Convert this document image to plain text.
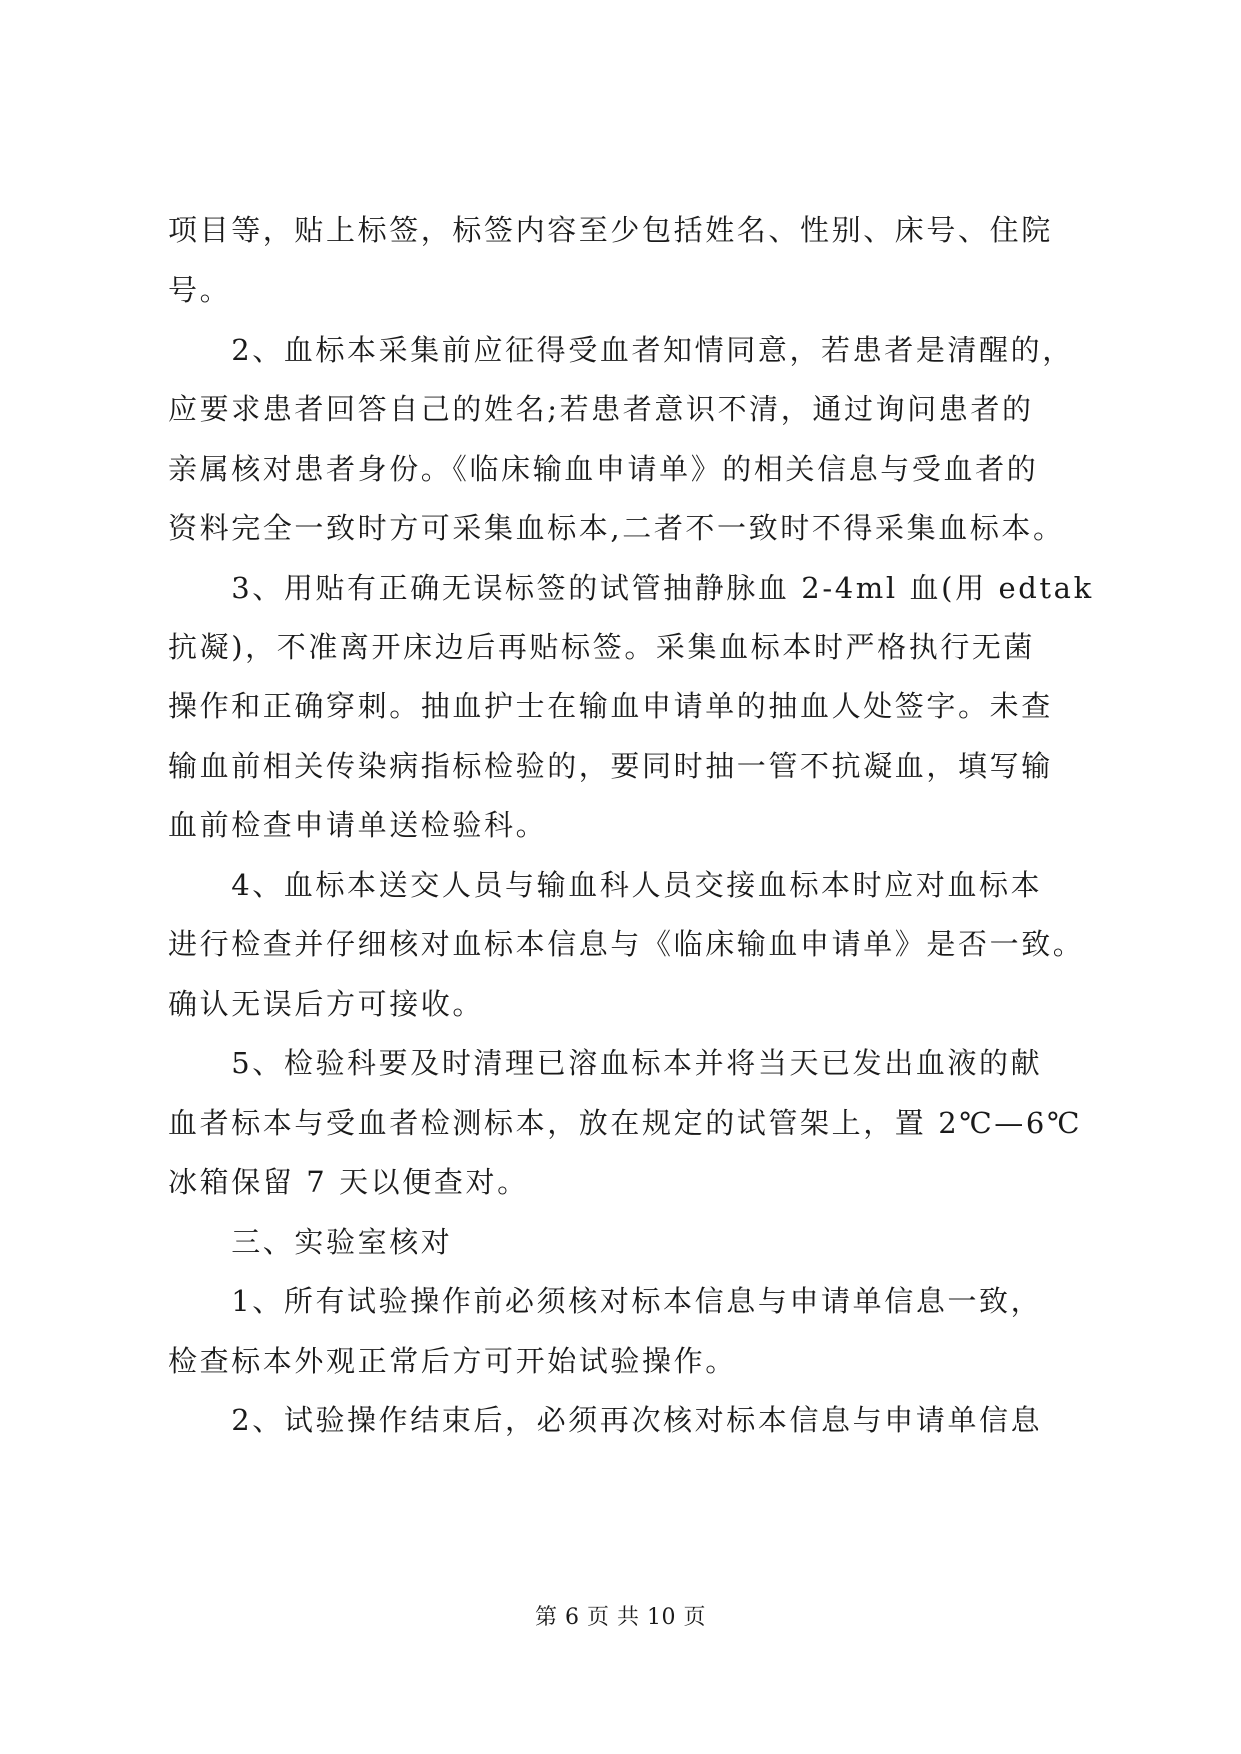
项目等，贴上标签，标签内容至少包括姓名、性别、床号、住院
号。
　　2、血标本采集前应征得受血者知情同意，若患者是清醒的，
应要求患者回答自己的姓名;若患者意识不清，通过询问患者的
亲属核对患者身份。《临床输血申请单》的相关信息与受血者的
资料完全一致时方可采集血标本,二者不一致时不得采集血标本。
　　3、用贴有正确无误标签的试管抽静脉血 2-4ml 血(用 edtak
抗凝)，不准离开床边后再贴标签。采集血标本时严格执行无菌
操作和正确穿刺。抽血护士在输血申请单的抽血人处签字。未查
输血前相关传染病指标检验的，要同时抽一管不抗凝血，填写输
血前检查申请单送检验科。
　　4、血标本送交人员与输血科人员交接血标本时应对血标本
进行检查并仔细核对血标本信息与《临床输血申请单》是否一致。
确认无误后方可接收。
　　5、检验科要及时清理已溶血标本并将当天已发出血液的献
血者标本与受血者检测标本，放在规定的试管架上，置 2℃—6℃
冰箱保留 7 天以便查对。
　　三、实验室核对
　　1、所有试验操作前必须核对标本信息与申请单信息一致，
检查标本外观正常后方可开始试验操作。
　　2、试验操作结束后，必须再次核对标本信息与申请单信息
第 6 页 共 10 页
